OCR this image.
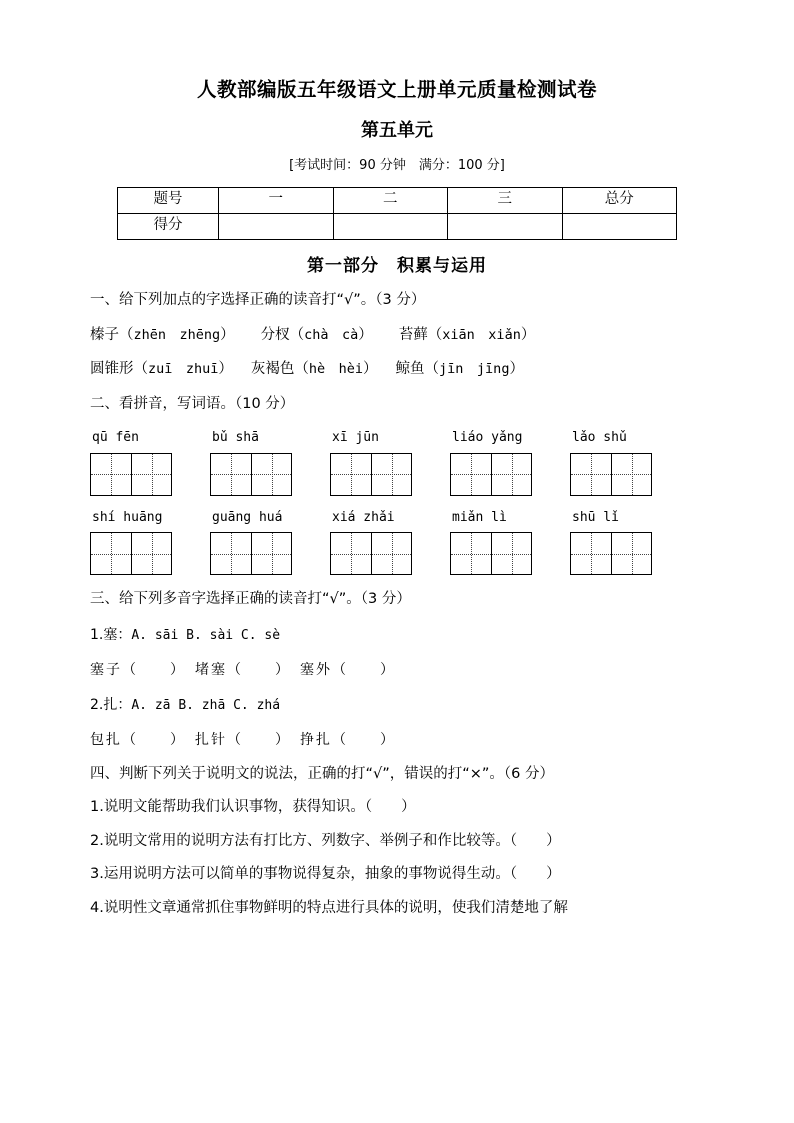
人教部编版五年级语文上册单元质量检测试卷
第五单元

[考试时间：90 分钟　满分：100 分]

题号	一	二	三	总分
得分				
第一部分　积累与运用

一、给下列加点的字选择正确的读音打“√”。（3 分）

榛子（zhēn　zhēng） 分杈（chà　cà） 苔藓（xiān　xiǎn）

圆锥形（zuī　zhuī） 灰褐色（hè　hèi） 鲸鱼（jīn　jīng）

二、看拼音，写词语。（10 分）

qū fēn	bǔ shā	xī jūn	liáo yǎng	lǎo shǔ
shí huāng	guāng huá	xiá zhǎi	miǎn lì	shū lǐ

三、给下列多音字选择正确的读音打“√”。（3 分）

1.塞：A. sāi B. sài C. sè

塞子（　　）　堵塞（　　）　塞外（　　）

2.扎：A. zā B. zhā C. zhá

包扎（　　）　扎针（　　）　挣扎（　　）

四、判断下列关于说明文的说法，正确的打“√”，错误的打“×”。（6 分）

1.说明文能帮助我们认识事物，获得知识。（　　）

2.说明文常用的说明方法有打比方、列数字、举例子和作比较等。（　　）

3.运用说明方法可以简单的事物说得复杂，抽象的事物说得生动。（　　）

4.说明性文章通常抓住事物鲜明的特点进行具体的说明，使我们清楚地了解
